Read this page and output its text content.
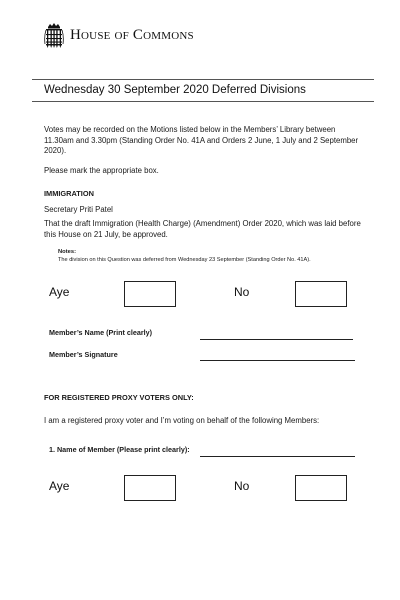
House of Commons
Wednesday 30 September 2020 Deferred Divisions
Votes may be recorded on the Motions listed below in the Members’ Library between 11.30am and 3.30pm (Standing Order No. 41A and Orders 2 June, 1 July and 2 September 2020).
Please mark the appropriate box.
IMMIGRATION
Secretary Priti Patel
That the draft Immigration (Health Charge) (Amendment) Order 2020, which was laid before this House on 21 July, be approved.
Notes:
The division on this Question was deferred from Wednesday 23 September (Standing Order No. 41A).
Aye	No
Member’s Name (Print clearly)
Member’s Signature
FOR REGISTERED PROXY VOTERS ONLY:
I am a registered proxy voter and I’m voting on behalf of the following Members:
1. Name of Member (Please print clearly):
Aye	No
